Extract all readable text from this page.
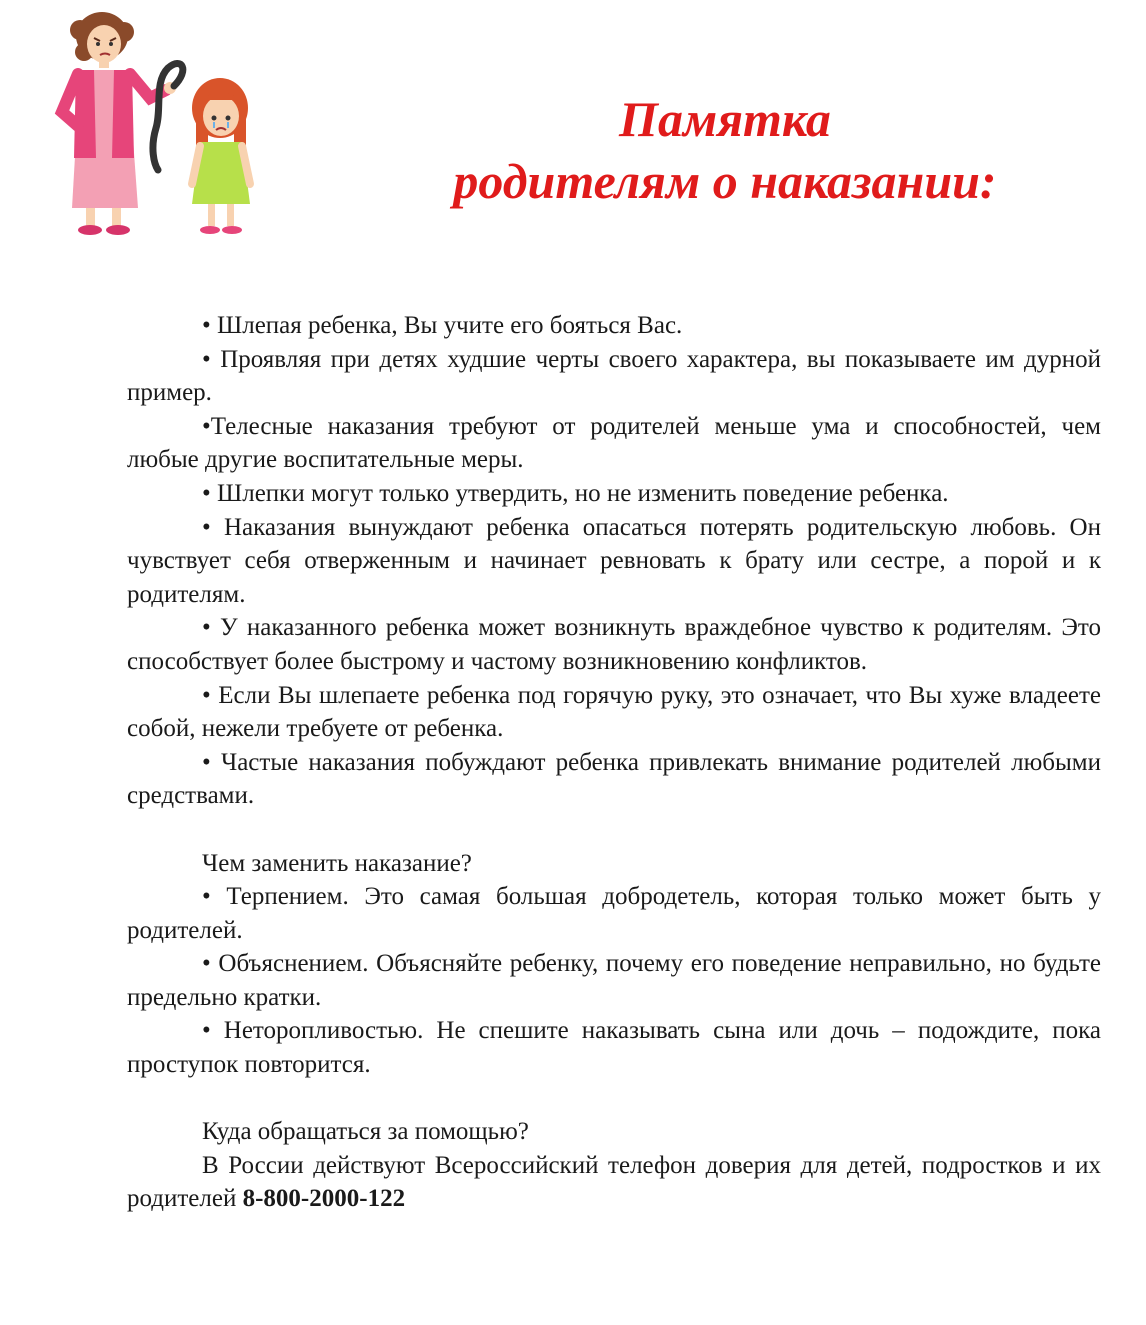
Памятка
родителям о наказании:

• Шлепая ребенка, Вы учите его бояться Вас.

• Проявляя при детях худшие черты своего характера, вы показываете им дурной пример.

•Телесные наказания требуют от родителей меньше ума и способностей, чем любые другие воспитательные меры.

• Шлепки могут только утвердить, но не изменить поведение ребенка.

• Наказания вынуждают ребенка опасаться потерять родительскую любовь. Он чувствует себя отверженным и начинает ревновать к брату или сестре, а порой и к родителям.

• У наказанного ребенка может возникнуть враждебное чувство к родителям. Это способствует более быстрому и частому возникновению конфликтов.

• Если Вы шлепаете ребенка под горячую руку, это означает, что Вы хуже владеете собой, нежели требуете от ребенка.

• Частые наказания побуждают ребенка привлекать внимание родителей любыми средствами.

Чем заменить наказание?

• Терпением. Это самая большая добродетель, которая только может быть у родителей.

• Объяснением. Объясняйте ребенку, почему его поведение неправильно, но будьте предельно кратки.

• Неторопливостью. Не спешите наказывать сына или дочь – подождите, пока проступок повторится.

Куда обращаться за помощью?

В России действуют Всероссийский телефон доверия для детей, подростков и их родителей 8-800-2000-122
